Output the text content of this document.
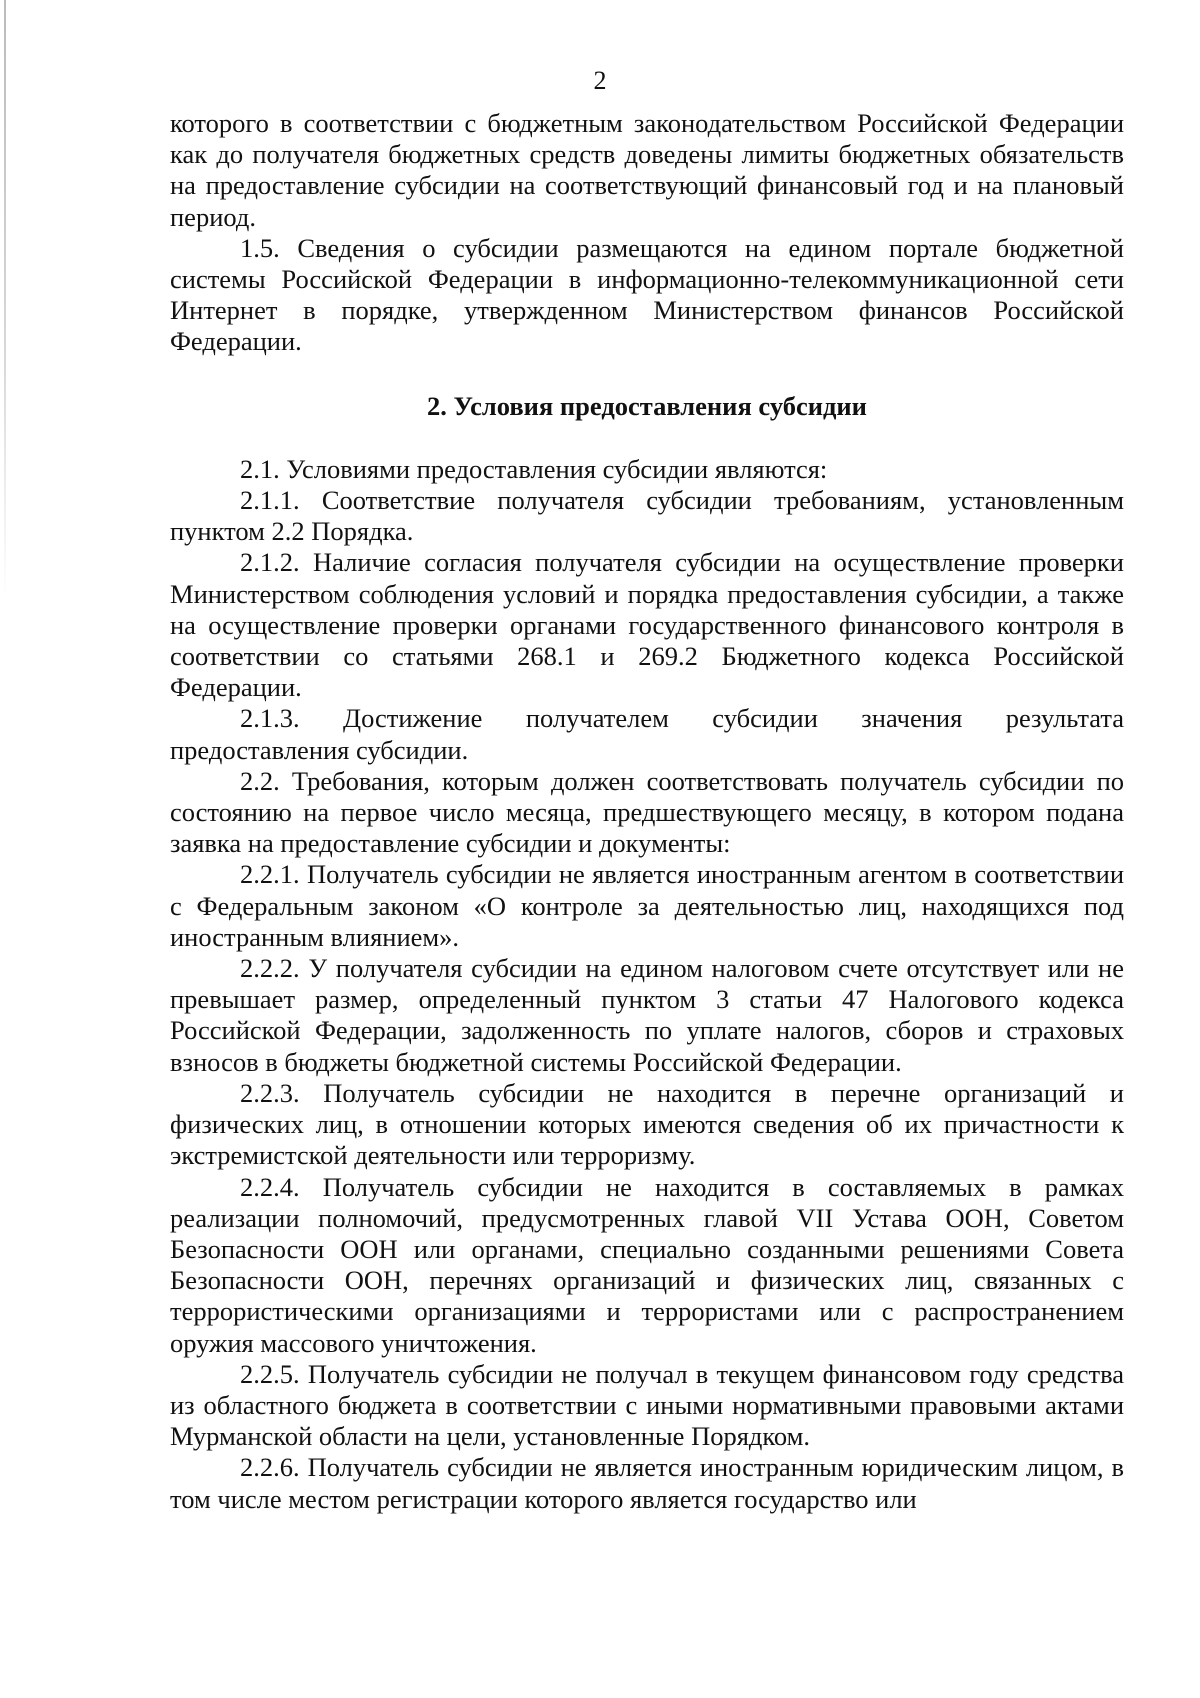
2

которого в соответствии с бюджетным законодательством Российской Федерации как до получателя бюджетных средств доведены лимиты бюджетных обязательств на предоставление субсидии на соответствующий финансовый год и на плановый период.

1.5. Сведения о субсидии размещаются на едином портале бюджетной системы Российской Федерации в информационно-телекоммуникационной сети Интернет в порядке, утвержденном Министерством финансов Российской Федерации.

2. Условия предоставления субсидии

2.1. Условиями предоставления субсидии являются:

2.1.1. Соответствие получателя субсидии требованиям, установленным пунктом 2.2 Порядка.

2.1.2. Наличие согласия получателя субсидии на осуществление проверки Министерством соблюдения условий и порядка предоставления субсидии, а также на осуществление проверки органами государственного финансового контроля в соответствии со статьями 268.1 и 269.2 Бюджетного кодекса Российской Федерации.

2.1.3. Достижение получателем субсидии значения результата предоставления субсидии.

2.2. Требования, которым должен соответствовать получатель субсидии по состоянию на первое число месяца, предшествующего месяцу, в котором подана заявка на предоставление субсидии и документы:

2.2.1. Получатель субсидии не является иностранным агентом в соответствии с Федеральным законом «О контроле за деятельностью лиц, находящихся под иностранным влиянием».

2.2.2. У получателя субсидии на едином налоговом счете отсутствует или не превышает размер, определенный пунктом 3 статьи 47 Налогового кодекса Российской Федерации, задолженность по уплате налогов, сборов и страховых взносов в бюджеты бюджетной системы Российской Федерации.

2.2.3. Получатель субсидии не находится в перечне организаций и физических лиц, в отношении которых имеются сведения об их причастности к экстремистской деятельности или терроризму.

2.2.4. Получатель субсидии не находится в составляемых в рамках реализации полномочий, предусмотренных главой VII Устава ООН, Советом Безопасности ООН или органами, специально созданными решениями Совета Безопасности ООН, перечнях организаций и физических лиц, связанных с террористическими организациями и террористами или с распространением оружия массового уничтожения.

2.2.5. Получатель субсидии не получал в текущем финансовом году средства из областного бюджета в соответствии с иными нормативными правовыми актами Мурманской области на цели, установленные Порядком.

2.2.6. Получатель субсидии не является иностранным юридическим лицом, в том числе местом регистрации которого является государство или
